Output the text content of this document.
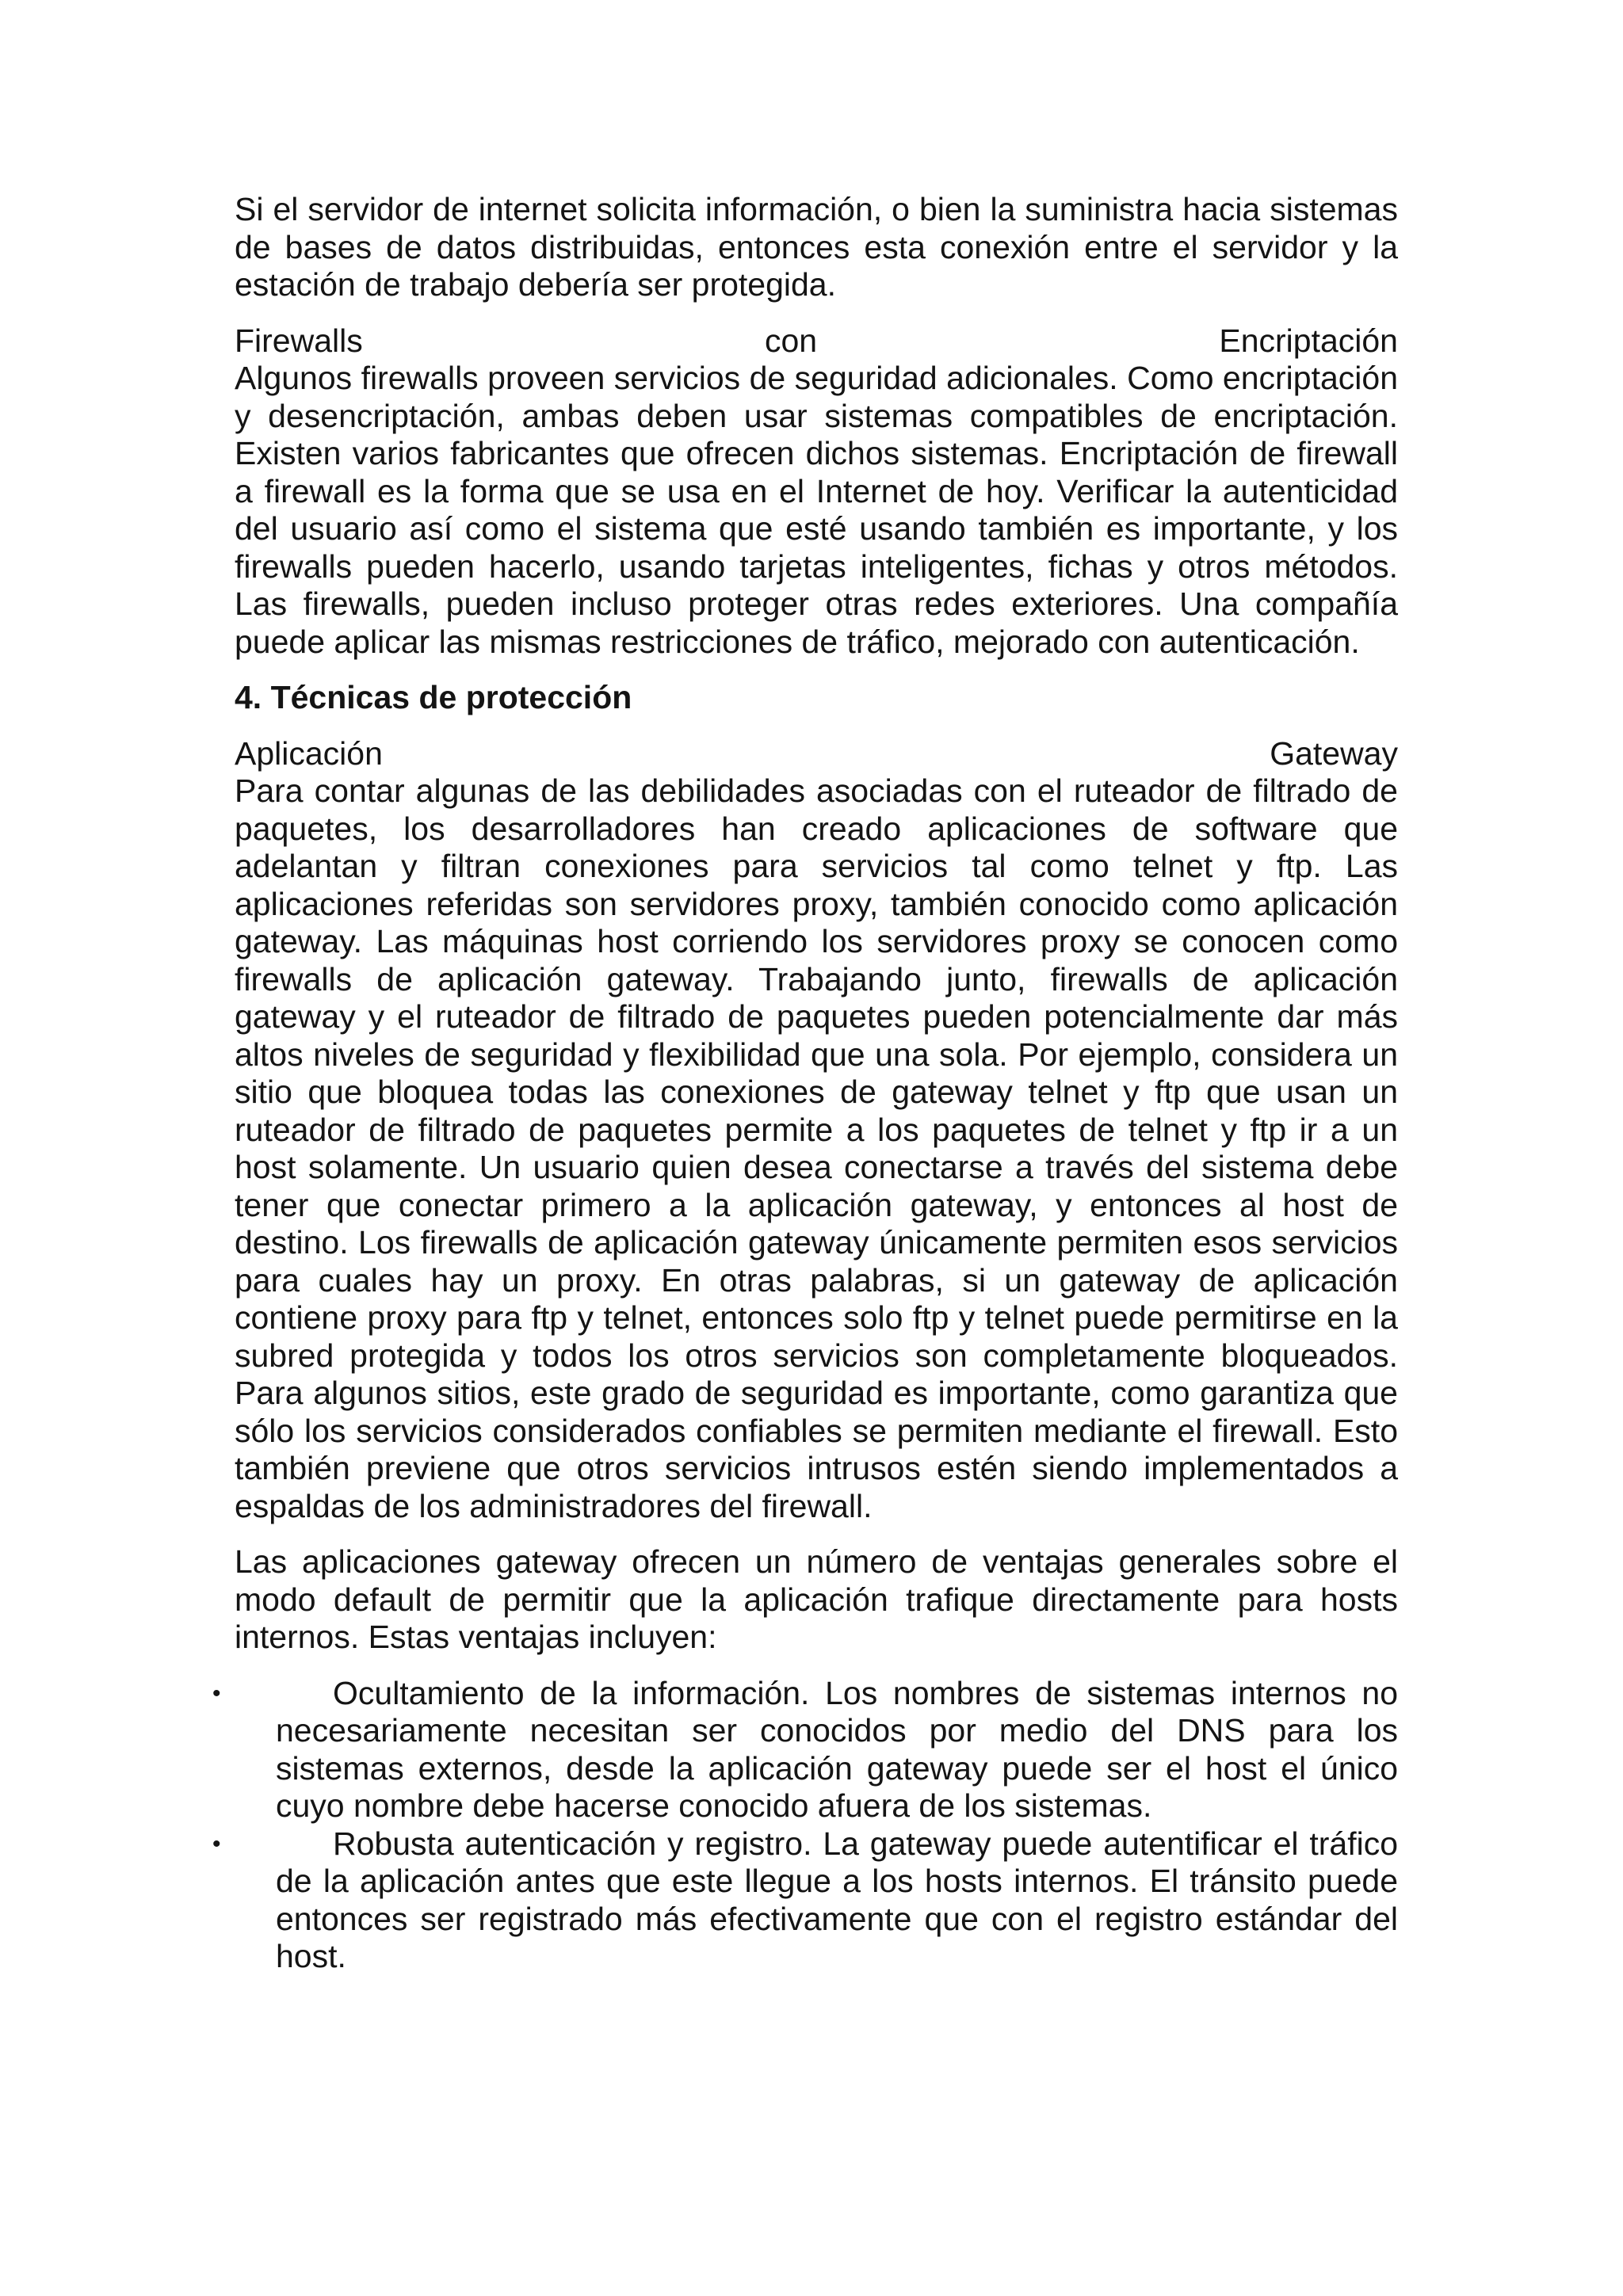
Si el servidor de internet solicita información, o bien la suministra hacia sistemas de bases de datos distribuidas, entonces esta conexión entre el servidor y la estación de trabajo debería ser protegida.

Firewalls	con	Encriptación

Algunos firewalls proveen servicios de seguridad adicionales. Como encriptación y desencriptación, ambas deben usar sistemas compatibles de encriptación. Existen varios fabricantes que ofrecen dichos sistemas. Encriptación de firewall a firewall es la forma que se usa en el Internet de hoy. Verificar la autenticidad del usuario así como el sistema que esté usando también es importante, y los firewalls pueden hacerlo, usando tarjetas inteligentes, fichas y otros métodos. Las firewalls, pueden incluso proteger otras redes exteriores. Una compañía puede aplicar las mismas restricciones de tráfico, mejorado con autenticación.

4. Técnicas de protección

Aplicación	Gateway

Para contar algunas de las debilidades asociadas con el ruteador de filtrado de paquetes, los desarrolladores han creado aplicaciones de software que adelantan y filtran conexiones para servicios tal como telnet y ftp. Las aplicaciones referidas son servidores proxy, también conocido como aplicación gateway. Las máquinas host corriendo los servidores proxy se conocen como firewalls de aplicación gateway. Trabajando junto, firewalls de aplicación gateway y el ruteador de filtrado de paquetes pueden potencialmente dar más altos niveles de seguridad y flexibilidad que una sola. Por ejemplo, considera un sitio que bloquea todas las conexiones de gateway telnet y ftp que usan un ruteador de filtrado de paquetes permite a los paquetes de telnet y ftp ir a un host solamente. Un usuario quien desea conectarse a través del sistema debe tener que conectar primero a la aplicación gateway, y entonces al host de destino. Los firewalls de aplicación gateway únicamente permiten esos servicios para cuales hay un proxy. En otras palabras, si un gateway de aplicación contiene proxy para ftp y telnet, entonces solo ftp y telnet puede permitirse en la subred protegida y todos los otros servicios son completamente bloqueados. Para algunos sitios, este grado de seguridad es importante, como garantiza que sólo los servicios considerados confiables se permiten mediante el firewall. Esto también previene que otros servicios intrusos estén siendo implementados a espaldas de los administradores del firewall.

Las aplicaciones gateway ofrecen un número de ventajas generales sobre el modo default de permitir que la aplicación trafique directamente para hosts internos. Estas ventajas incluyen:

•	Ocultamiento de la información. Los nombres de sistemas internos no necesariamente necesitan ser conocidos por medio del DNS para los sistemas externos, desde la aplicación gateway puede ser el host el único cuyo nombre debe hacerse conocido afuera de los sistemas.
•	Robusta autenticación y registro. La gateway puede autentificar el tráfico de la aplicación antes que este llegue a los hosts internos. El tránsito puede entonces ser registrado más efectivamente que con el registro estándar del host.
